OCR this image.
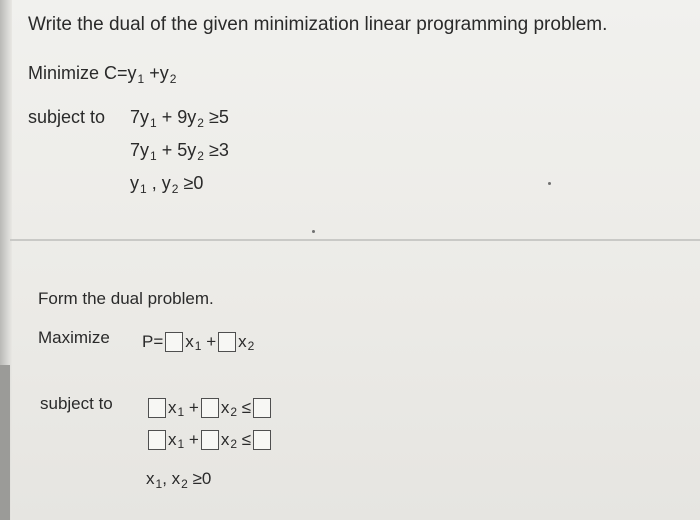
Write the dual of the given minimization linear programming problem.
Minimize $C=y_1 +y_2$
subject to $7y_1 + 9y_2 \ge 5$
$7y_1 + 5y_2 \ge 3$
$y_1$ , $y_2 \ge 0$
Form the dual problem.
Maximize P = x 1
+ x 2
subject to	x 1
+ x 2
≤
x 1
+ x 2
≤
$x_1$, $x_2 \ge 0$
